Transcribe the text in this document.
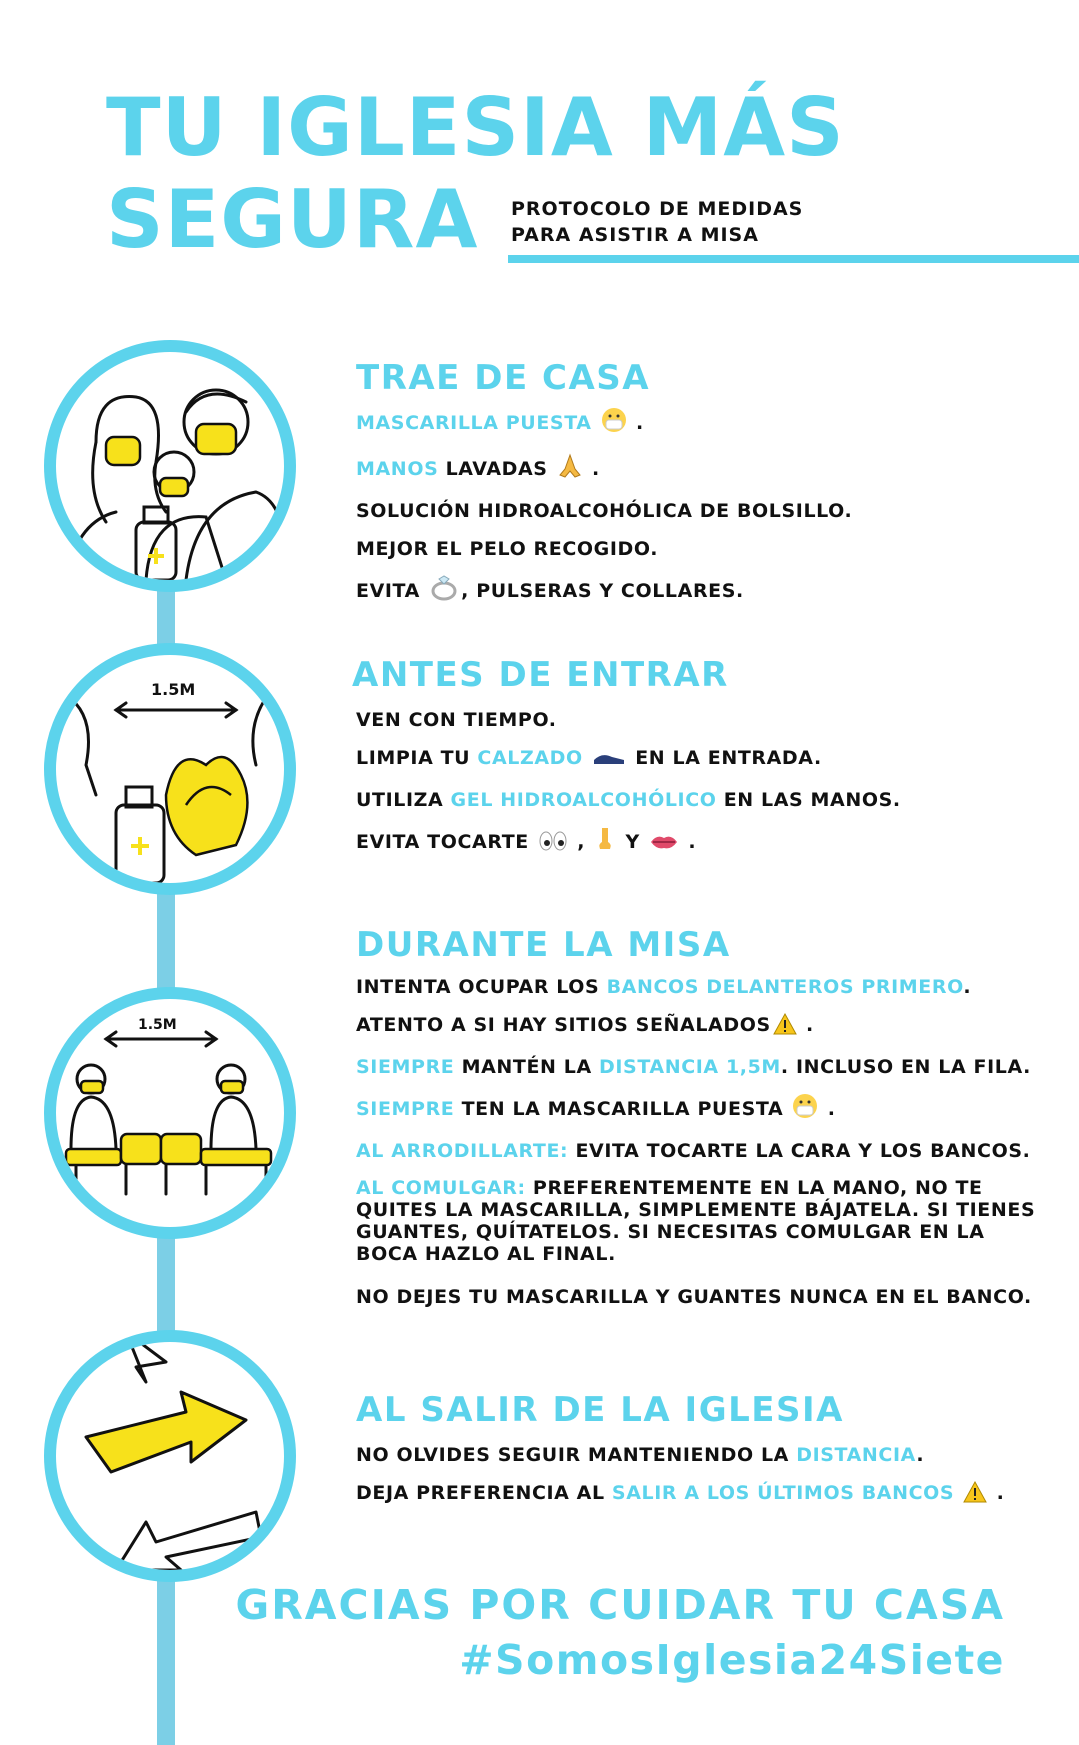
TU IGLESIA MÁS
SEGURA	PROTOCOLO DE MEDIDAS
PARA ASISTIR A MISA
TRAE DE CASA
MASCARILLA PUESTA .
MANOS LAVADAS .
SOLUCIÓN HIDROALCOHÓLICA DE BOLSILLO.
MEJOR EL PELO RECOGIDO.
EVITA , PULSERAS Y COLLARES.
1.5M	ANTES DE ENTRAR
VEN CON TIEMPO.
LIMPIA TU CALZADO	EN LA ENTRADA.
UTILIZA GEL HIDROALCOHÓLICO EN LAS MANOS.
EVITA TOCARTE	, Y	.
1.5M
DURANTE LA MISA
INTENTA OCUPAR LOS BANCOS DELANTEROS PRIMERO.
ATENTO A SI HAY SITIOS SEÑALADOS .
SIEMPRE MANTÉN LA DISTANCIA 1,5M. INCLUSO EN LA FILA.
SIEMPRE TEN LA MASCARILLA PUESTA .
AL ARRODILLARTE: EVITA TOCARTE LA CARA Y LOS BANCOS.
AL COMULGAR: PREFERENTEMENTE EN LA MANO, NO TE QUITES LA MASCARILLA, SIMPLEMENTE BÁJATELA. SI TIENES GUANTES, QUÍTATELOS. SI NECESITAS COMULGAR EN LA BOCA HAZLO AL FINAL.
NO DEJES TU MASCARILLA Y GUANTES NUNCA EN EL BANCO.
AL SALIR DE LA IGLESIA
NO OLVIDES SEGUIR MANTENIENDO LA DISTANCIA.
DEJA PREFERENCIA AL SALIR A LOS ÚLTIMOS BANCOS .
GRACIAS POR CUIDAR TU CASA
#SomosIglesia24Siete
